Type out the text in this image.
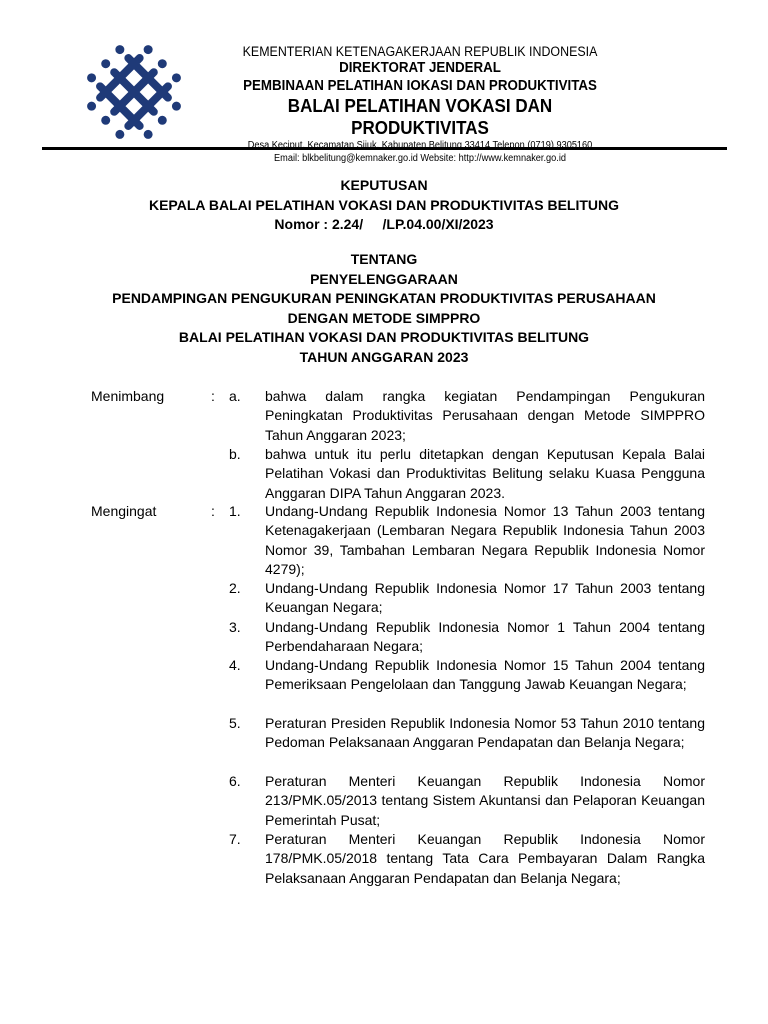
KEMENTERIAN KETENAGAKERJAAN REPUBLIK INDONESIA
DIREKTORAT JENDERAL
PEMBINAAN PELATIHAN IOKASI DAN PRODUKTIVITAS
BALAI PELATIHAN VOKASI DAN PRODUKTIVITAS
Desa Keciput, Kecamatan Sijuk, Kabupaten Belitung 33414 Telepon (0719) 9305160
Email: blkbelitung@kemnaker.go.id Website: http://www.kemnaker.go.id
KEPUTUSAN
KEPALA BALAI PELATIHAN VOKASI DAN PRODUKTIVITAS BELITUNG
Nomor : 2.24/     /LP.04.00/XI/2023
TENTANG
PENYELENGGARAAN
PENDAMPINGAN PENGUKURAN PENINGKATAN PRODUKTIVITAS PERUSAHAAN
DENGAN METODE SIMPPRO
BALAI PELATIHAN VOKASI DAN PRODUKTIVITAS BELITUNG
TAHUN ANGGARAN 2023
Menimbang	: a. bahwa dalam rangka kegiatan Pendampingan Pengukuran Peningkatan Produktivitas Perusahaan dengan Metode SIMPPRO Tahun Anggaran 2023;
b. bahwa untuk itu perlu ditetapkan dengan Keputusan Kepala Balai Pelatihan Vokasi dan Produktivitas Belitung selaku Kuasa Pengguna Anggaran DIPA Tahun Anggaran 2023.
Mengingat	: 1. Undang-Undang Republik Indonesia Nomor 13 Tahun 2003 tentang Ketenagakerjaan (Lembaran Negara Republik Indonesia Tahun 2003 Nomor 39, Tambahan Lembaran Negara Republik Indonesia Nomor 4279);
2. Undang-Undang Republik Indonesia Nomor 17 Tahun 2003 tentang Keuangan Negara;
3. Undang-Undang Republik Indonesia Nomor 1 Tahun 2004 tentang Perbendaharaan Negara;
4. Undang-Undang Republik Indonesia Nomor 15 Tahun 2004 tentang Pemeriksaan Pengelolaan dan Tanggung Jawab Keuangan Negara;
5. Peraturan Presiden Republik Indonesia Nomor 53 Tahun 2010 tentang Pedoman Pelaksanaan Anggaran Pendapatan dan Belanja Negara;
6. Peraturan Menteri Keuangan Republik Indonesia Nomor 213/PMK.05/2013 tentang Sistem Akuntansi dan Pelaporan Keuangan Pemerintah Pusat;
7. Peraturan Menteri Keuangan Republik Indonesia Nomor 178/PMK.05/2018 tentang Tata Cara Pembayaran Dalam Rangka Pelaksanaan Anggaran Pendapatan dan Belanja Negara;
